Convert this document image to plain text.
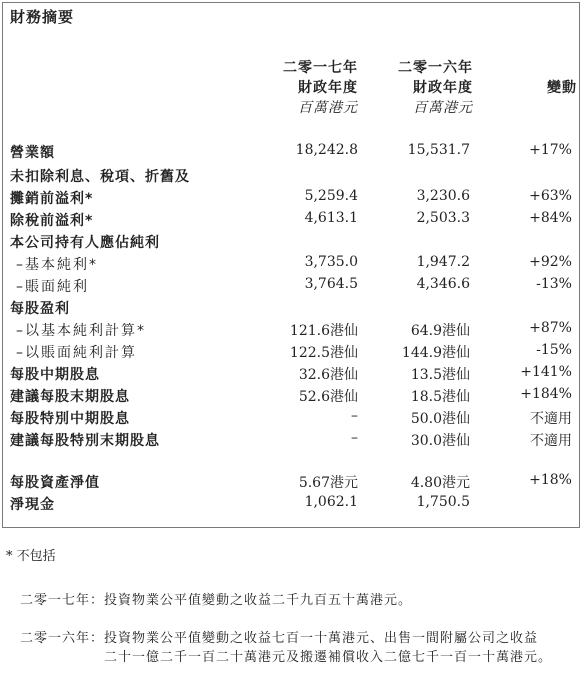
財務摘要
二零一七年
財政年度
百萬港元
二零一六年
財政年度
百萬港元
變動
營業額	18,242.8	15,531.7	+17%
未扣除利息、稅項、折舊及
攤銷前溢利*	5,259.4	3,230.6	+63%
除稅前溢利*	4,613.1	2,503.3	+84%
本公司持有人應佔純利
–基本純利*	3,735.0	1,947.2	+92%
–賬面純利	3,764.5	4,346.6	-13%
每股盈利
–以基本純利計算*	121.6港仙	64.9港仙	+87%
–以賬面純利計算	122.5港仙	144.9港仙	-15%
每股中期股息	32.6港仙	13.5港仙	+141%
建議每股末期股息	52.6港仙	18.5港仙	+184%
每股特別中期股息	–	50.0港仙	不適用
建議每股特別末期股息	–	30.0港仙	不適用
每股資產淨值	5.67港元	4.80港元	+18%
淨現金	1,062.1	1,750.5
* 不包括
二零一七年：投資物業公平值變動之收益二千九百五十萬港元。
二零一六年：投資物業公平值變動之收益七百一十萬港元、出售一間附屬公司之收益
二十一億二千一百二十萬港元及搬遷補償收入二億七千一百一十萬港元。
